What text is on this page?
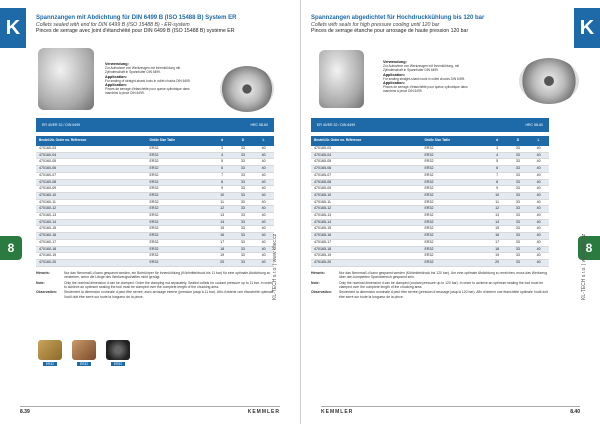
K	Spannzangen mit Abdichtung für DIN 6499 B (ISO 15488 B) System ER
Collets sealed with end for DIN 6499 B (ISO 15488 B) - ER-system
Pinces de serrage avec joint d'étanchéité pour DIN 6499 B (ISO 15488 B) système ER
Verwendung:
Zur Aufnahme von Werkzeugen mit Innenkühlung mit Zylinderschaft in Spannfutter DIN 6499.
Application:
For sealing of straight-shank tools in collet chucks DIN 6499.
Application:
Pinces de serrage d'étanchéité pour queue cylindrique dans mandrins à pince DIN 6499.
ER 40/ER 32 / DIN 6499	HRC 58-60
Bestell-Nr. Order no. Référence	Größe Size Taille	d	D	L
470160-03	ER32	3	33	40
470160-04	ER32	4	33	40
470160-05	ER32	5	33	40
470160-06	ER32	6	33	40
470160-07	ER32	7	33	40
470160-08	ER32	8	33	40
470160-09	ER32	9	33	40
470160-10	ER32	10	33	40
470160-11	ER32	11	33	40
470160-12	ER32	12	33	40
470160-13	ER32	13	33	40
470160-14	ER32	14	33	40
470160-15	ER32	15	33	40
470160-16	ER32	16	33	40
470160-17	ER32	17	33	40
470160-18	ER32	18	33	40
470160-19	ER32	19	33	40
470160-20	ER32	20	33	40
Hinweis:	Nur das Nennmaß d kann gespannt werden, ein Bohrkörper für Innenkühlung (Kühlmitteldruck bis 11 bar) für eine optimale Abdichtung zu verstehen, wenn die Länge des Werkzeugschaftes nicht genügt.
Note:	Only the nominal dimension d can be clamped. Order the clamping nut separately. Sealed collets for coolant pressure up to 11 bar. In order to achieve an optimum sealing the tool must be clamped over the complete length of the chucking area.
Observation:	Seulement la dimension nominale d peut être serrée, avec arrosage interne (pression jusqu'à 11 bar). Afin d'obtenir une étanchéité optimale l'outil doit être serré sur toute la longueur de la pince.
ER32	ER32	ER32
8	KL-TECH s.r.o. | www.kltec.cz
8.39	KEMMLER
Spannzangen abgedichtet für Hochdruckkühlung bis 120 bar
Collets with seals for high pressure cooling until 120 bar
Pinces de serrage étanche pour arrosage de haute pression 120 bar
Verwendung:
Zur Aufnahme von Werkzeugen mit Innenkühlung, mit Zylinderschaft in Spannfutter DIN 6499.
Application:
For sealing straight-shank tools in collet chucks DIN 6499.
Application:
Pinces de serrage d'étanchéité pour queue cylindrique dans mandrins à pince DIN 6499.
ER 40/ER 32 / DIN 6499	HRC 58-60
Bestell-Nr. Order no. Référence	Größe Size Taille	d	D	L
470165-03	ER32	3	33	40
470165-04	ER32	4	33	40
470165-05	ER32	5	33	40
470165-06	ER32	6	33	40
470165-07	ER32	7	33	40
470165-08	ER32	8	33	40
470165-09	ER32	9	33	40
470165-10	ER32	10	33	40
470165-11	ER32	11	33	40
470165-12	ER32	12	33	40
470165-13	ER32	13	33	40
470165-14	ER32	14	33	40
470165-15	ER32	15	33	40
470165-16	ER32	16	33	40
470165-17	ER32	17	33	40
470165-18	ER32	18	33	40
470165-19	ER32	19	33	40
470165-20	ER32	20	33	40
Hinweis:	Nur das Nennmaß d kann gespannt werden (Kühlmitteldruck bis 120 bar). Um eine optimale Abdichtung zu erreichen, muss das Werkzeug über den kompletten Spannbereich gespannt sein.
Note:	Only the nominal dimension d can be clamped (coolant pressure up to 120 bar). In order to achieve an optimum sealing the tool must be clamped over the complete length of the chucking area.
Observation:	Seulement la dimension nominale d peut être serrée (pression d'arrosage jusqu'à 120 bar). Afin d'obtenir une étanchéité optimale l'outil doit être serré sur toute la longueur de la pince.
K
8
KL-TECH s.r.o. | www.kltec.cz
KEMMLER	8.40
